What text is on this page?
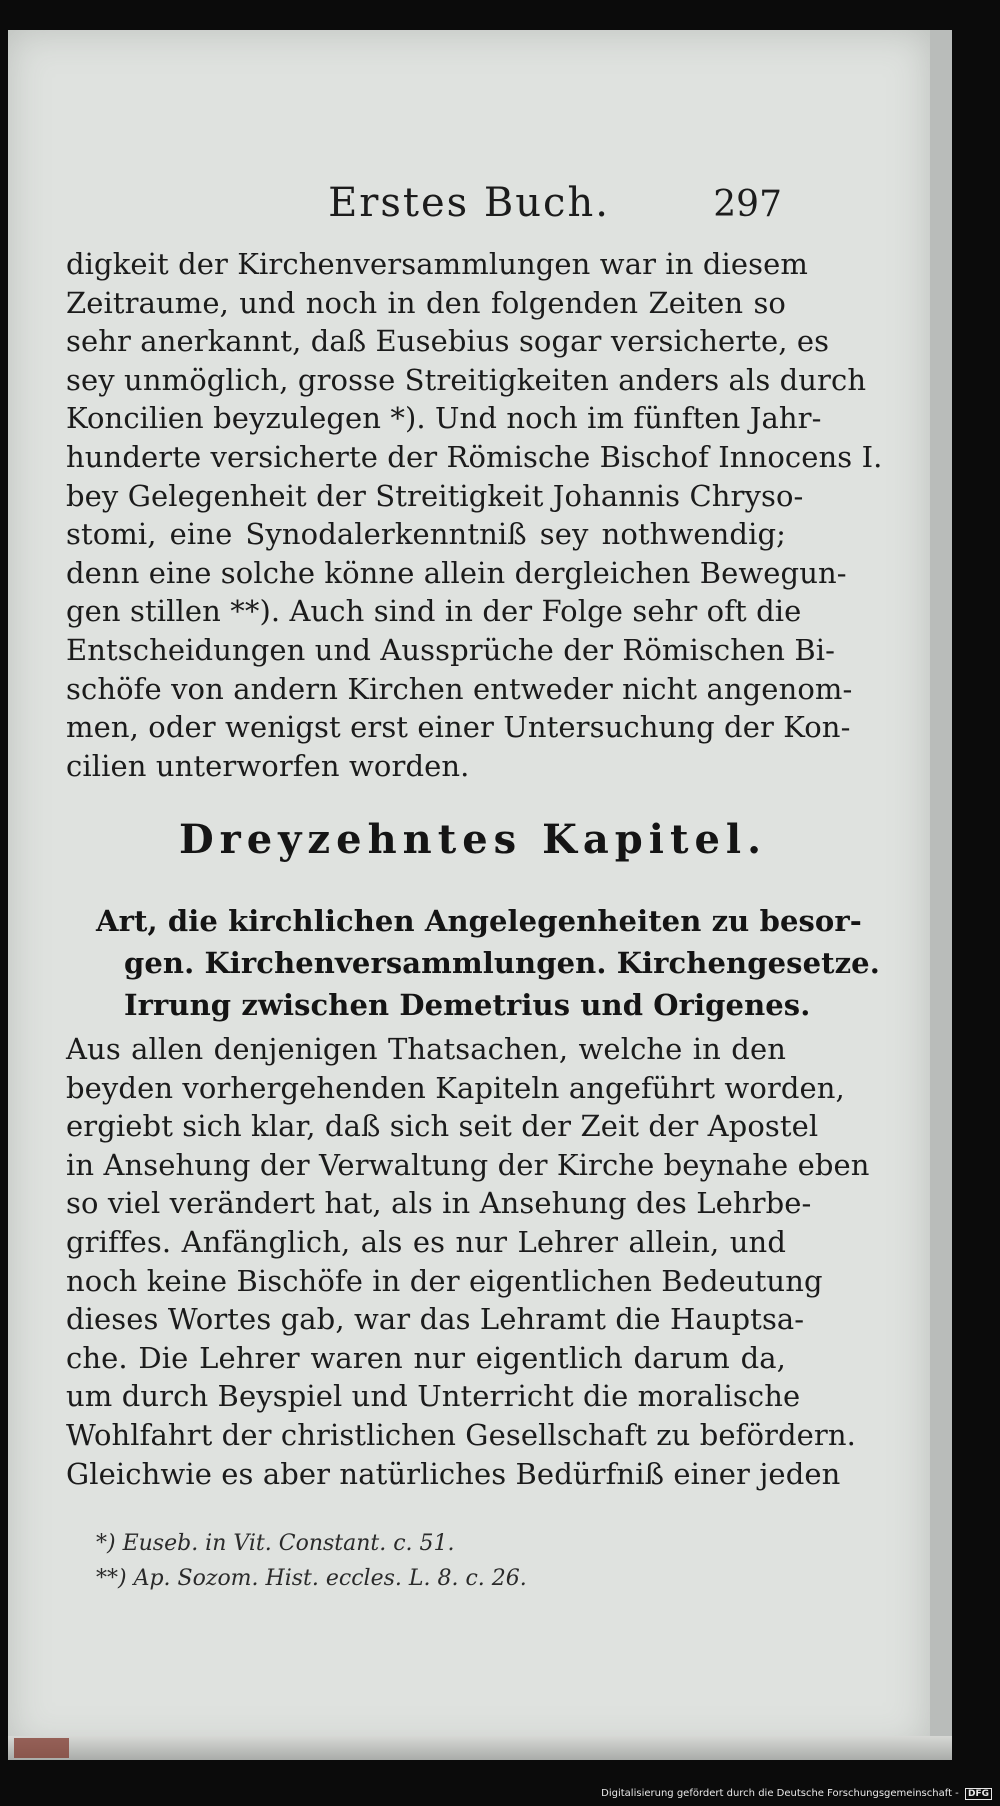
Erstes Buch.	297
digkeit der Kirchenversammlungen war in diesem
Zeitraume, und noch in den folgenden Zeiten so
sehr anerkannt, daß Eusebius sogar versicherte, es
sey unmöglich, grosse Streitigkeiten anders als durch
Koncilien beyzulegen *). Und noch im fünften Jahr-
hunderte versicherte der Römische Bischof Innocens I.
bey Gelegenheit der Streitigkeit Johannis Chryso-
stomi, eine Synodalerkenntniß sey nothwendig;
denn eine solche könne allein dergleichen Bewegun-
gen stillen **). Auch sind in der Folge sehr oft die
Entscheidungen und Aussprüche der Römischen Bi-
schöfe von andern Kirchen entweder nicht angenom-
men, oder wenigst erst einer Untersuchung der Kon-
cilien unterworfen worden.
Dreyzehntes Kapitel.
Art, die kirchlichen Angelegenheiten zu besor-
gen. Kirchenversammlungen. Kirchengesetze.
Irrung zwischen Demetrius und Origenes.
Aus allen denjenigen Thatsachen, welche in den
beyden vorhergehenden Kapiteln angeführt worden,
ergiebt sich klar, daß sich seit der Zeit der Apostel
in Ansehung der Verwaltung der Kirche beynahe eben
so viel verändert hat, als in Ansehung des Lehrbe-
griffes. Anfänglich, als es nur Lehrer allein, und
noch keine Bischöfe in der eigentlichen Bedeutung
dieses Wortes gab, war das Lehramt die Hauptsa-
che. Die Lehrer waren nur eigentlich darum da,
um durch Beyspiel und Unterricht die moralische
Wohlfahrt der christlichen Gesellschaft zu befördern.
Gleichwie es aber natürliches Bedürfniß einer jeden
*) Euseb. in Vit. Constant. c. 51.
**) Ap. Sozom. Hist. eccles. L. 8. c. 26.
Digitalisierung gefördert durch die Deutsche Forschungsgemeinschaft - DFG
